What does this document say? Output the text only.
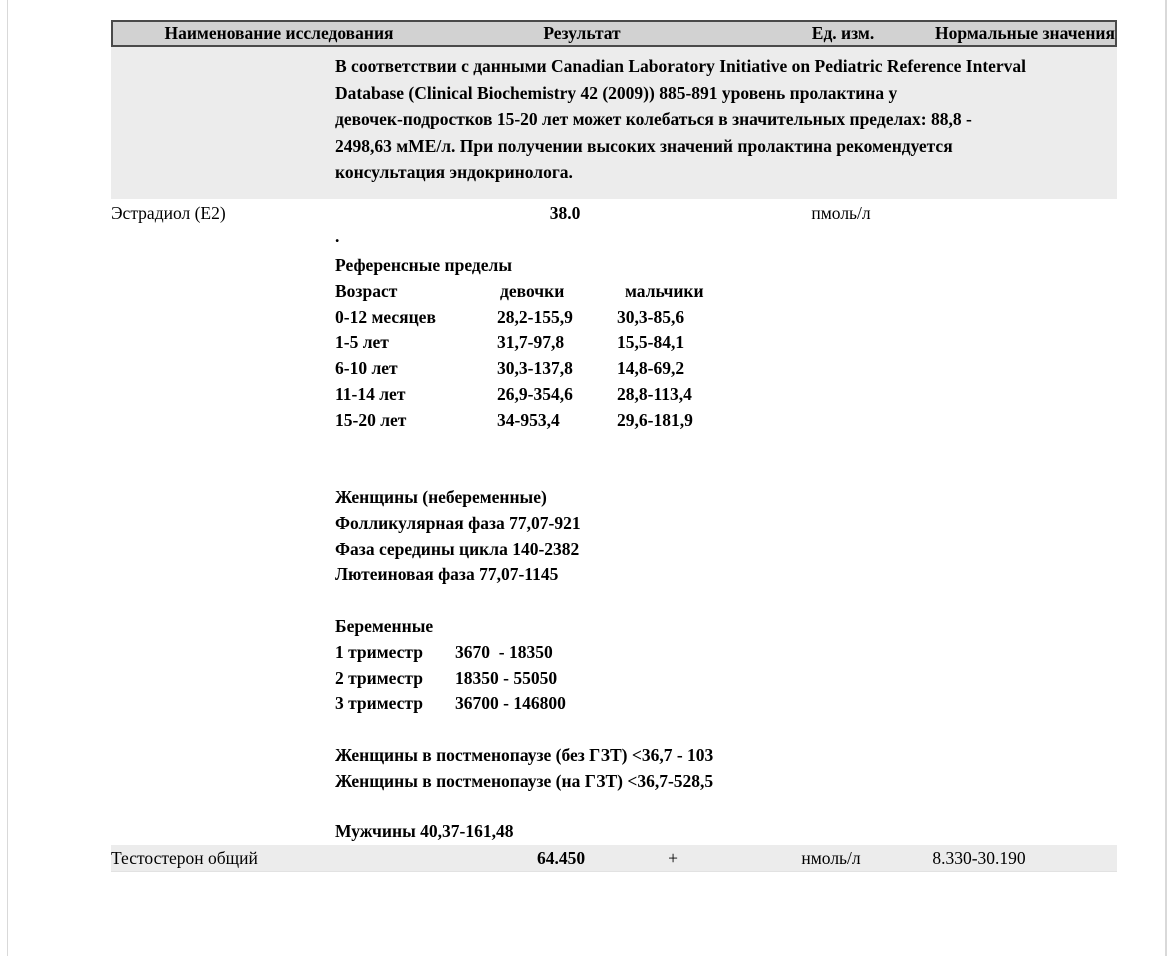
Наименование исследования	Результат	Ед. изм.	Нормальные значения
В соответствии с данными Canadian Laboratory Initiative on Pediatric Reference Interval
Database (Clinical Biochemistry 42 (2009)) 885-891 уровень пролактина у
девочек-подростков 15-20 лет может колебаться в значительных пределах: 88,8 -
2498,63 мМЕ/л. При получении высоких значений пролактина рекомендуется
консультация эндокринолога.
Эстрадиол (Е2)	38.0	пмоль/л
.
Референсные пределы
Возраст	девочки	мальчики
0-12 месяцев	28,2-155,9	30,3-85,6
1-5 лет	31,7-97,8	15,5-84,1
6-10 лет	30,3-137,8	14,8-69,2
11-14 лет	26,9-354,6	28,8-113,4
15-20 лет	34-953,4	29,6-181,9
Женщины (небеременные)
Фолликулярная фаза 77,07-921
Фаза середины цикла 140-2382
Лютеиновая фаза 77,07-1145
Беременные
1 триместр	3670  - 18350
2 триместр	18350 - 55050
3 триместр	36700 - 146800
Женщины в постменопаузе (без ГЗТ) <36,7 - 103
Женщины в постменопаузе (на ГЗТ) <36,7-528,5
Мужчины 40,37-161,48
Тестостерон общий	64.450	+	нмоль/л	8.330-30.190
